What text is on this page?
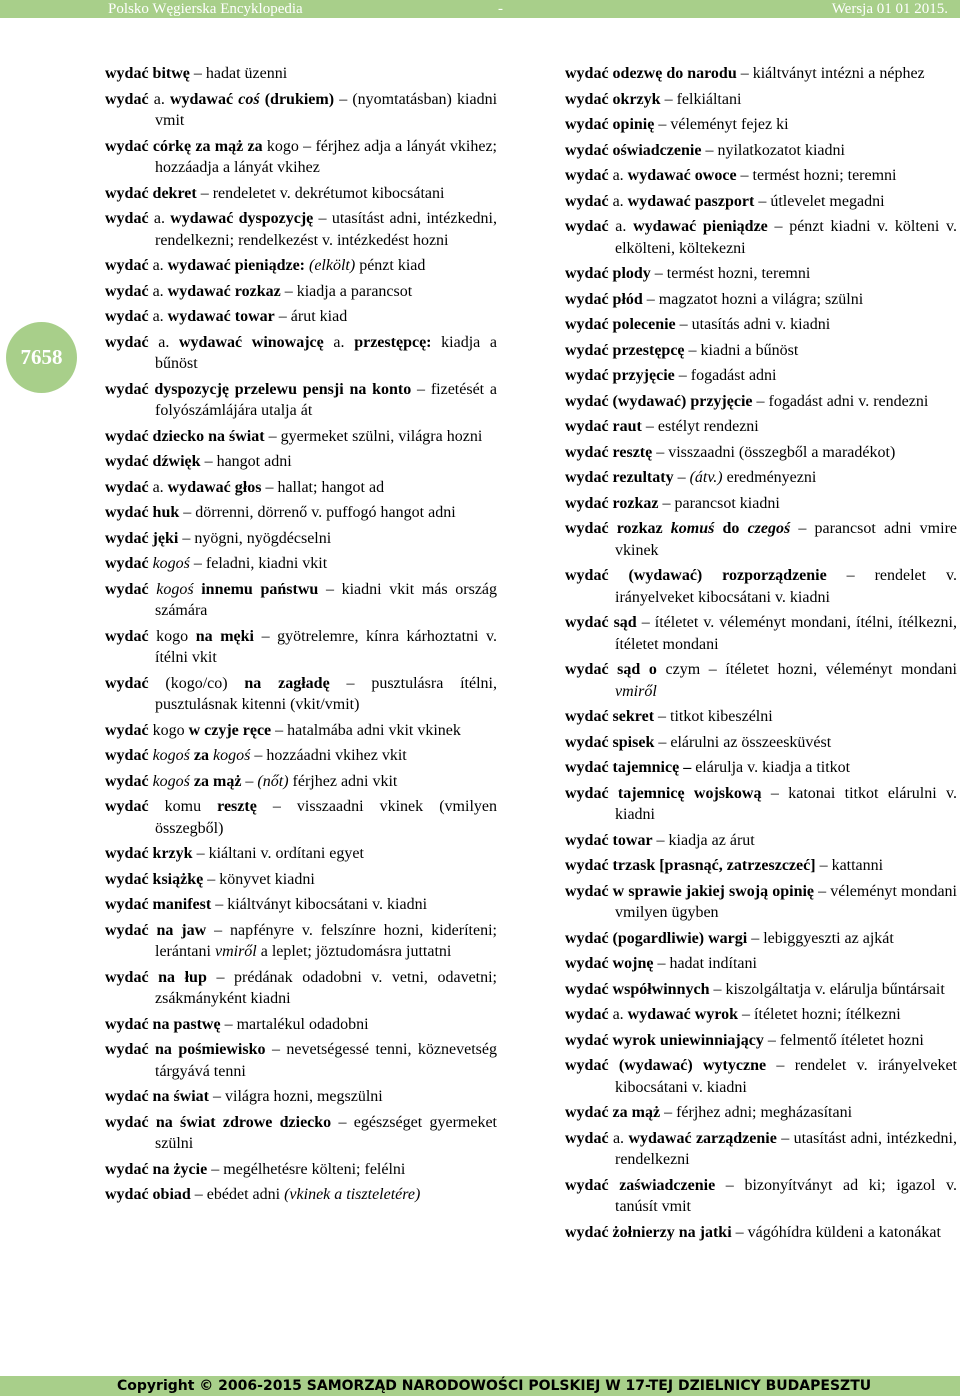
Polsko Węgierska Encyklopedia	-	Wersja 01 01 2015.
7658

wydać bitwę – hadat üzenni

wydać a. wydawać coś (drukiem) – (nyomtatásban) kiadni vmit

wydać córkę za mąż za kogo – férjhez adja a lányát vkihez; hozzáadja a lányát vkihez

wydać dekret – rendeletet v. dekrétumot kibocsátani

wydać a. wydawać dyspozycję – utasítást adni, intézkedni, rendelkezni; rendelkezést v. intézkedést hozni

wydać a. wydawać pieniądze: (elkölt) pénzt kiad

wydać a. wydawać rozkaz – kiadja a parancsot

wydać a. wydawać towar – árut kiad

wydać a. wydawać winowajcę a. przestępcę: kiadja a bűnöst

wydać dyspozycję przelewu pensji na konto – fizetését a folyószámlájára utalja át

wydać dziecko na świat – gyermeket szülni, világra hozni

wydać dźwięk – hangot adni

wydać a. wydawać głos – hallat; hangot ad

wydać huk – dörrenni, dörrenő v. puffogó hangot adni

wydać jęki – nyögni, nyögdécselni

wydać kogoś – feladni, kiadni vkit

wydać kogoś innemu państwu – kiadni vkit más ország számára

wydać kogo na męki – gyötrelemre, kínra kárhoztatni v. ítélni vkit

wydać (kogo/co) na zagładę – pusztulásra ítélni, pusztulásnak kitenni (vkit/vmit)

wydać kogo w czyje ręce – hatalmába adni vkit vkinek

wydać kogoś za kogoś – hozzáadni vkihez vkit

wydać kogoś za mąż – (nőt) férjhez adni vkit

wydać komu resztę – visszaadni vkinek (vmilyen összegből)

wydać krzyk – kiáltani v. ordítani egyet

wydać książkę – könyvet kiadni

wydać manifest – kiáltványt kibocsátani v. kiadni

wydać na jaw – napfényre v. felszínre hozni, kideríteni; lerántani vmiről a leplet; jöztudomásra juttatni

wydać na łup – prédának odadobni v. vetni, odavetni; zsákmányként kiadni

wydać na pastwę – martalékul odadobni

wydać na pośmiewisko – nevetségessé tenni, köznevetség tárgyává tenni

wydać na świat – világra hozni, megszülni

wydać na świat zdrowe dziecko – egészséget gyermeket szülni

wydać na życie – megélhetésre költeni; felélni

wydać obiad – ebédet adni (vkinek a tiszteletére)

wydać odezwę do narodu – kiáltványt intézni a néphez

wydać okrzyk – felkiáltani

wydać opinię – véleményt fejez ki

wydać oświadczenie – nyilatkozatot kiadni

wydać a. wydawać owoce – termést hozni; teremni

wydać a. wydawać paszport – útlevelet megadni

wydać a. wydawać pieniądze – pénzt kiadni v. költeni v. elkölteni, költekezni

wydać plody – termést hozni, teremni

wydać płód – magzatot hozni a világra; szülni

wydać polecenie – utasítás adni v. kiadni

wydać przestępcę – kiadni a bűnöst

wydać przyjęcie – fogadást adni

wydać (wydawać) przyjęcie – fogadást adni v. rendezni

wydać raut – estélyt rendezni

wydać resztę – visszaadni (összegből a maradékot)

wydać rezultaty – (átv.) eredményezni

wydać rozkaz – parancsot kiadni

wydać rozkaz komuś do czegoś – parancsot adni vmire vkinek

wydać (wydawać) rozporządzenie – rendelet v. irányelveket kibocsátani v. kiadni

wydać sąd – ítéletet v. véleményt mondani, ítélni, ítélkezni, ítéletet mondani

wydać sąd o czym – ítéletet hozni, véleményt mondani vmiről

wydać sekret – titkot kibeszélni

wydać spisek – elárulni az összeesküvést

wydać tajemnicę – elárulja v. kiadja a titkot

wydać tajemnicę wojskową – katonai titkot elárulni v. kiadni

wydać towar – kiadja az árut

wydać trzask [prasnąć, zatrzeszczeć] – kattanni

wydać w sprawie jakiej swoją opinię – véleményt mondani vmilyen ügyben

wydać (pogardliwie) wargi – lebiggyeszti az ajkát

wydać wojnę – hadat indítani

wydać współwinnych – kiszolgáltatja v. elárulja bűntársait

wydać a. wydawać wyrok – ítéletet hozni; ítélkezni

wydać wyrok uniewinniający – felmentő ítéletet hozni

wydać (wydawać) wytyczne – rendelet v. irányelveket kibocsátani v. kiadni

wydać za mąż – férjhez adni; megházasítani

wydać a. wydawać zarządzenie – utasítást adni, intézkedni, rendelkezni

wydać zaświadczenie – bizonyítványt ad ki; igazol v. tanúsít vmit

wydać żołnierzy na jatki – vágóhídra küldeni a katonákat

Copyright © 2006-2015 SAMORZĄD NARODOWOŚCI POLSKIEJ W 17-TEJ DZIELNICY BUDAPESZTU
